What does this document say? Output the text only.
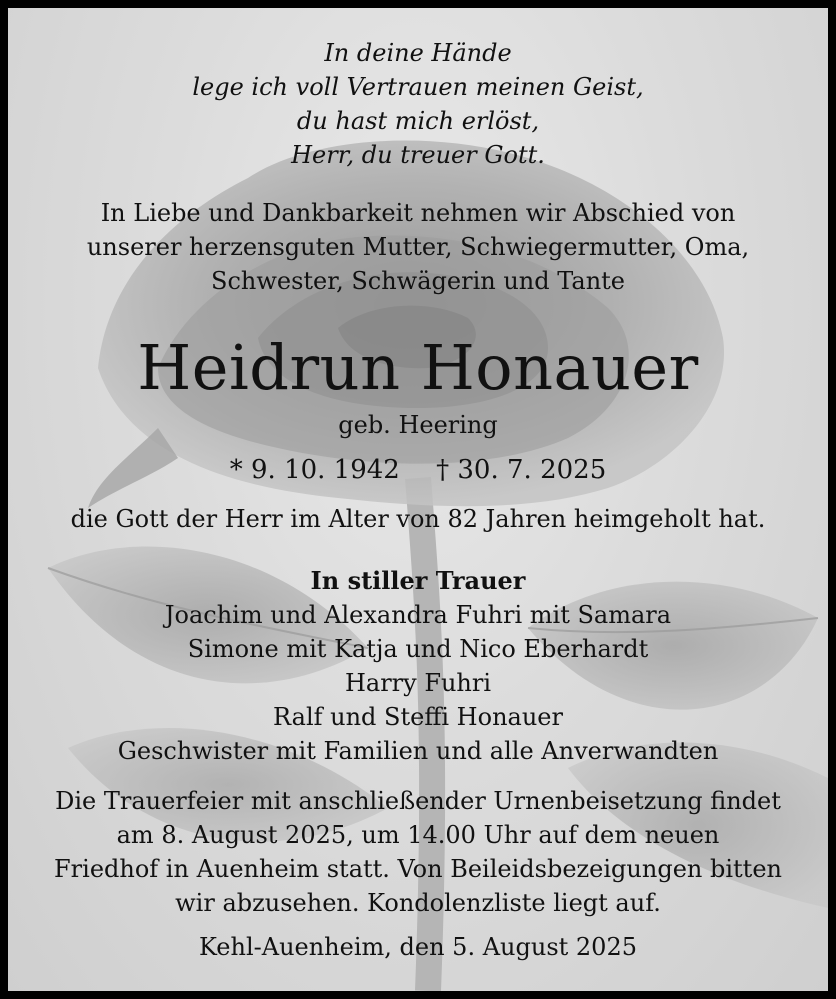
In deine Hände
lege ich voll Vertrauen meinen Geist,
du hast mich erlöst,
Herr, du treuer Gott.
In Liebe und Dankbarkeit nehmen wir Abschied von
unserer herzensguten Mutter, Schwiegermutter, Oma,
Schwester, Schwägerin und Tante
Heidrun Honauer
geb. Heering
* 9. 10. 1942 † 30. 7. 2025
die Gott der Herr im Alter von 82 Jahren heimgeholt hat.
In stiller Trauer
Joachim und Alexandra Fuhri mit Samara
Simone mit Katja und Nico Eberhardt
Harry Fuhri
Ralf und Steffi Honauer
Geschwister mit Familien und alle Anverwandten
Die Trauerfeier mit anschließender Urnenbeisetzung findet
am 8. August 2025, um 14.00 Uhr auf dem neuen
Friedhof in Auenheim statt. Von Beileidsbezeigungen bitten
wir abzusehen. Kondolenzliste liegt auf.
Kehl-Auenheim, den 5. August 2025
